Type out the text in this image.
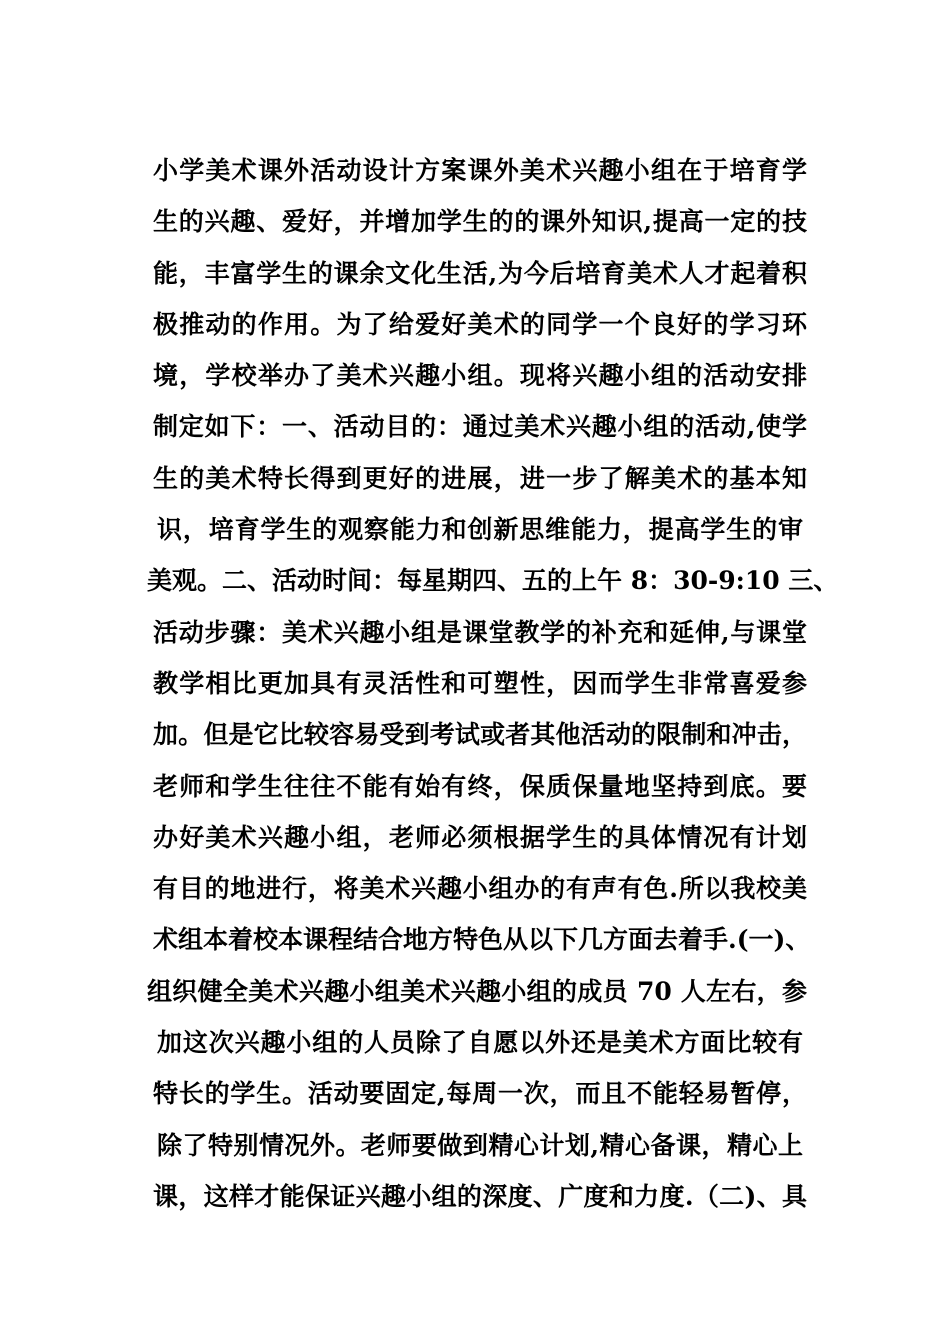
小学美术课外活动设计方案课外美术兴趣小组在于培育学
生的兴趣、爱好，并增加学生的的课外知识,提高一定的技
能，丰富学生的课余文化生活,为今后培育美术人才起着积
极推动的作用。为了给爱好美术的同学一个良好的学习环
境，学校举办了美术兴趣小组。现将兴趣小组的活动安排
制定如下：一、活动目的：通过美术兴趣小组的活动,使学
生的美术特长得到更好的进展，进一步了解美术的基本知
识，培育学生的观察能力和创新思维能力，提高学生的审
美观。二、活动时间：每星期四、五的上午 8：30-9:10 三、
活动步骤：美术兴趣小组是课堂教学的补充和延伸,与课堂
教学相比更加具有灵活性和可塑性，因而学生非常喜爱参
加。但是它比较容易受到考试或者其他活动的限制和冲击，
老师和学生往往不能有始有终，保质保量地坚持到底。要
办好美术兴趣小组，老师必须根据学生的具体情况有计划
有目的地进行，将美术兴趣小组办的有声有色.所以我校美
术组本着校本课程结合地方特色从以下几方面去着手.(一)、
组织健全美术兴趣小组美术兴趣小组的成员 70 人左右，参
加这次兴趣小组的人员除了自愿以外还是美术方面比较有
特长的学生。活动要固定,每周一次，而且不能轻易暂停，
除了特别情况外。老师要做到精心计划,精心备课，精心上
课，这样才能保证兴趣小组的深度、广度和力度.（二)、具
